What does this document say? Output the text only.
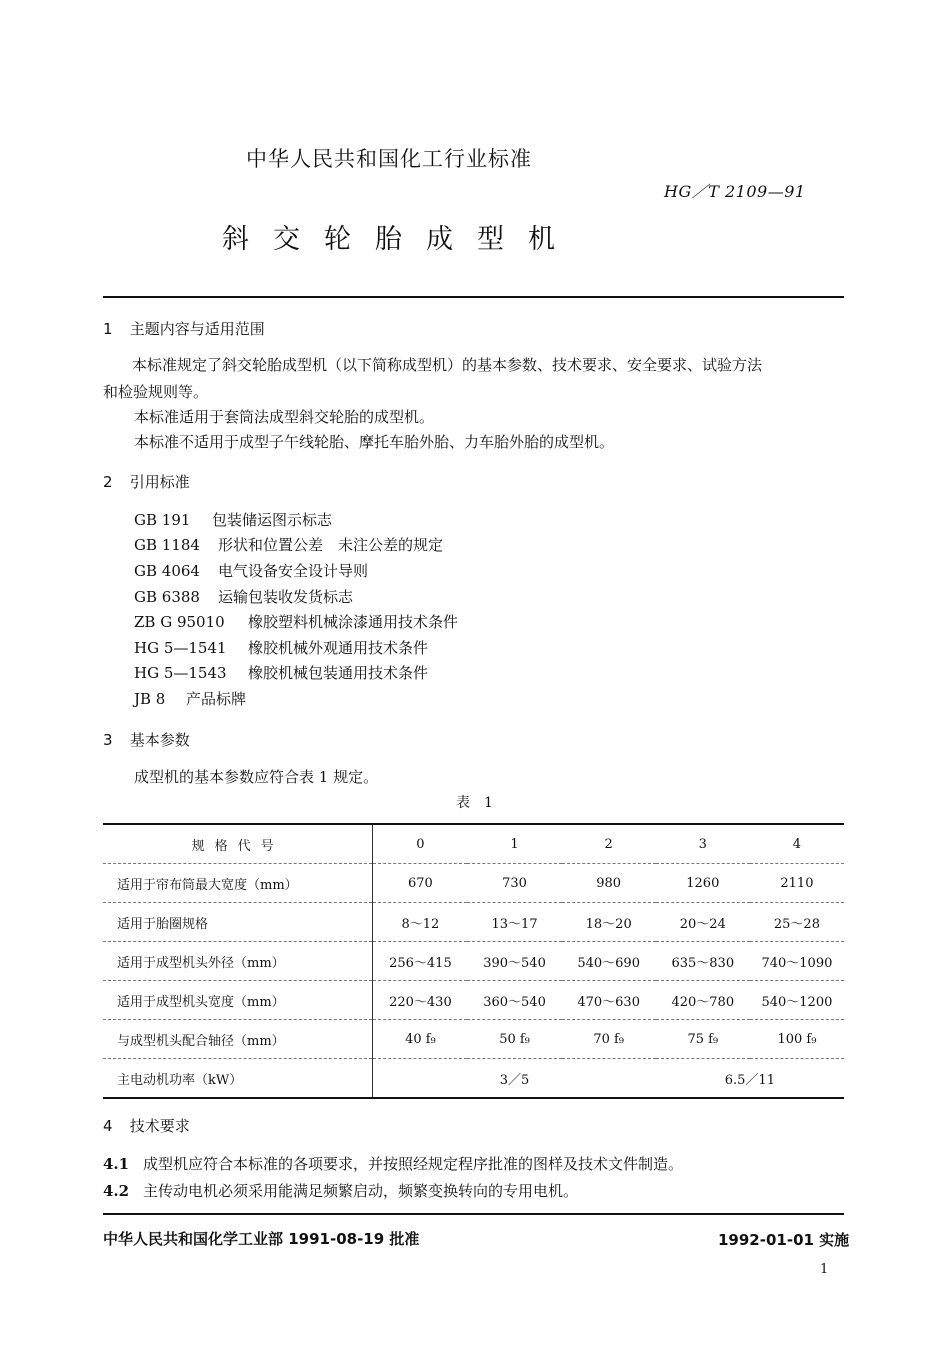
中华人民共和国化工行业标准
HG／T 2109—91
斜交轮胎成型机
1 主题内容与适用范围
本标准规定了斜交轮胎成型机（以下简称成型机）的基本参数、技术要求、安全要求、试验方法
和检验规则等。
本标准适用于套筒法成型斜交轮胎的成型机。
本标准不适用于成型子午线轮胎、摩托车胎外胎、力车胎外胎的成型机。
2 引用标准
GB 191 包装储运图示标志
GB 1184 形状和位置公差　未注公差的规定
GB 4064 电气设备安全设计导则
GB 6388 运输包装收发货标志
ZB G 95010 橡胶塑料机械涂漆通用技术条件
HG 5—1541 橡胶机械外观通用技术条件
HG 5—1543 橡胶机械包装通用技术条件
JB 8 产品标牌
3 基本参数
成型机的基本参数应符合表 1 规定。
表　1
规格代号	0	1	2	3	4
适用于帘布筒最大宽度（mm）	670	730	980	1260	2110
适用于胎圈规格	8～12	13～17	18～20	20～24	25～28
适用于成型机头外径（mm）	256～415	390～540	540～690	635～830	740～1090
适用于成型机头宽度（mm）	220～430	360～540	470～630	420～780	540～1200
与成型机头配合轴径（mm）	40 f₉	50 f₉	70 f₉	75 f₉	100 f₉
主电动机功率（kW）	3／5			6.5／11	
4 技术要求
4.1 成型机应符合本标准的各项要求，并按照经规定程序批准的图样及技术文件制造。
4.2 主传动电机必须采用能满足频繁启动，频繁变换转向的专用电机。
中华人民共和国化学工业部 1991-08-19 批准	1992-01-01 实施
1
